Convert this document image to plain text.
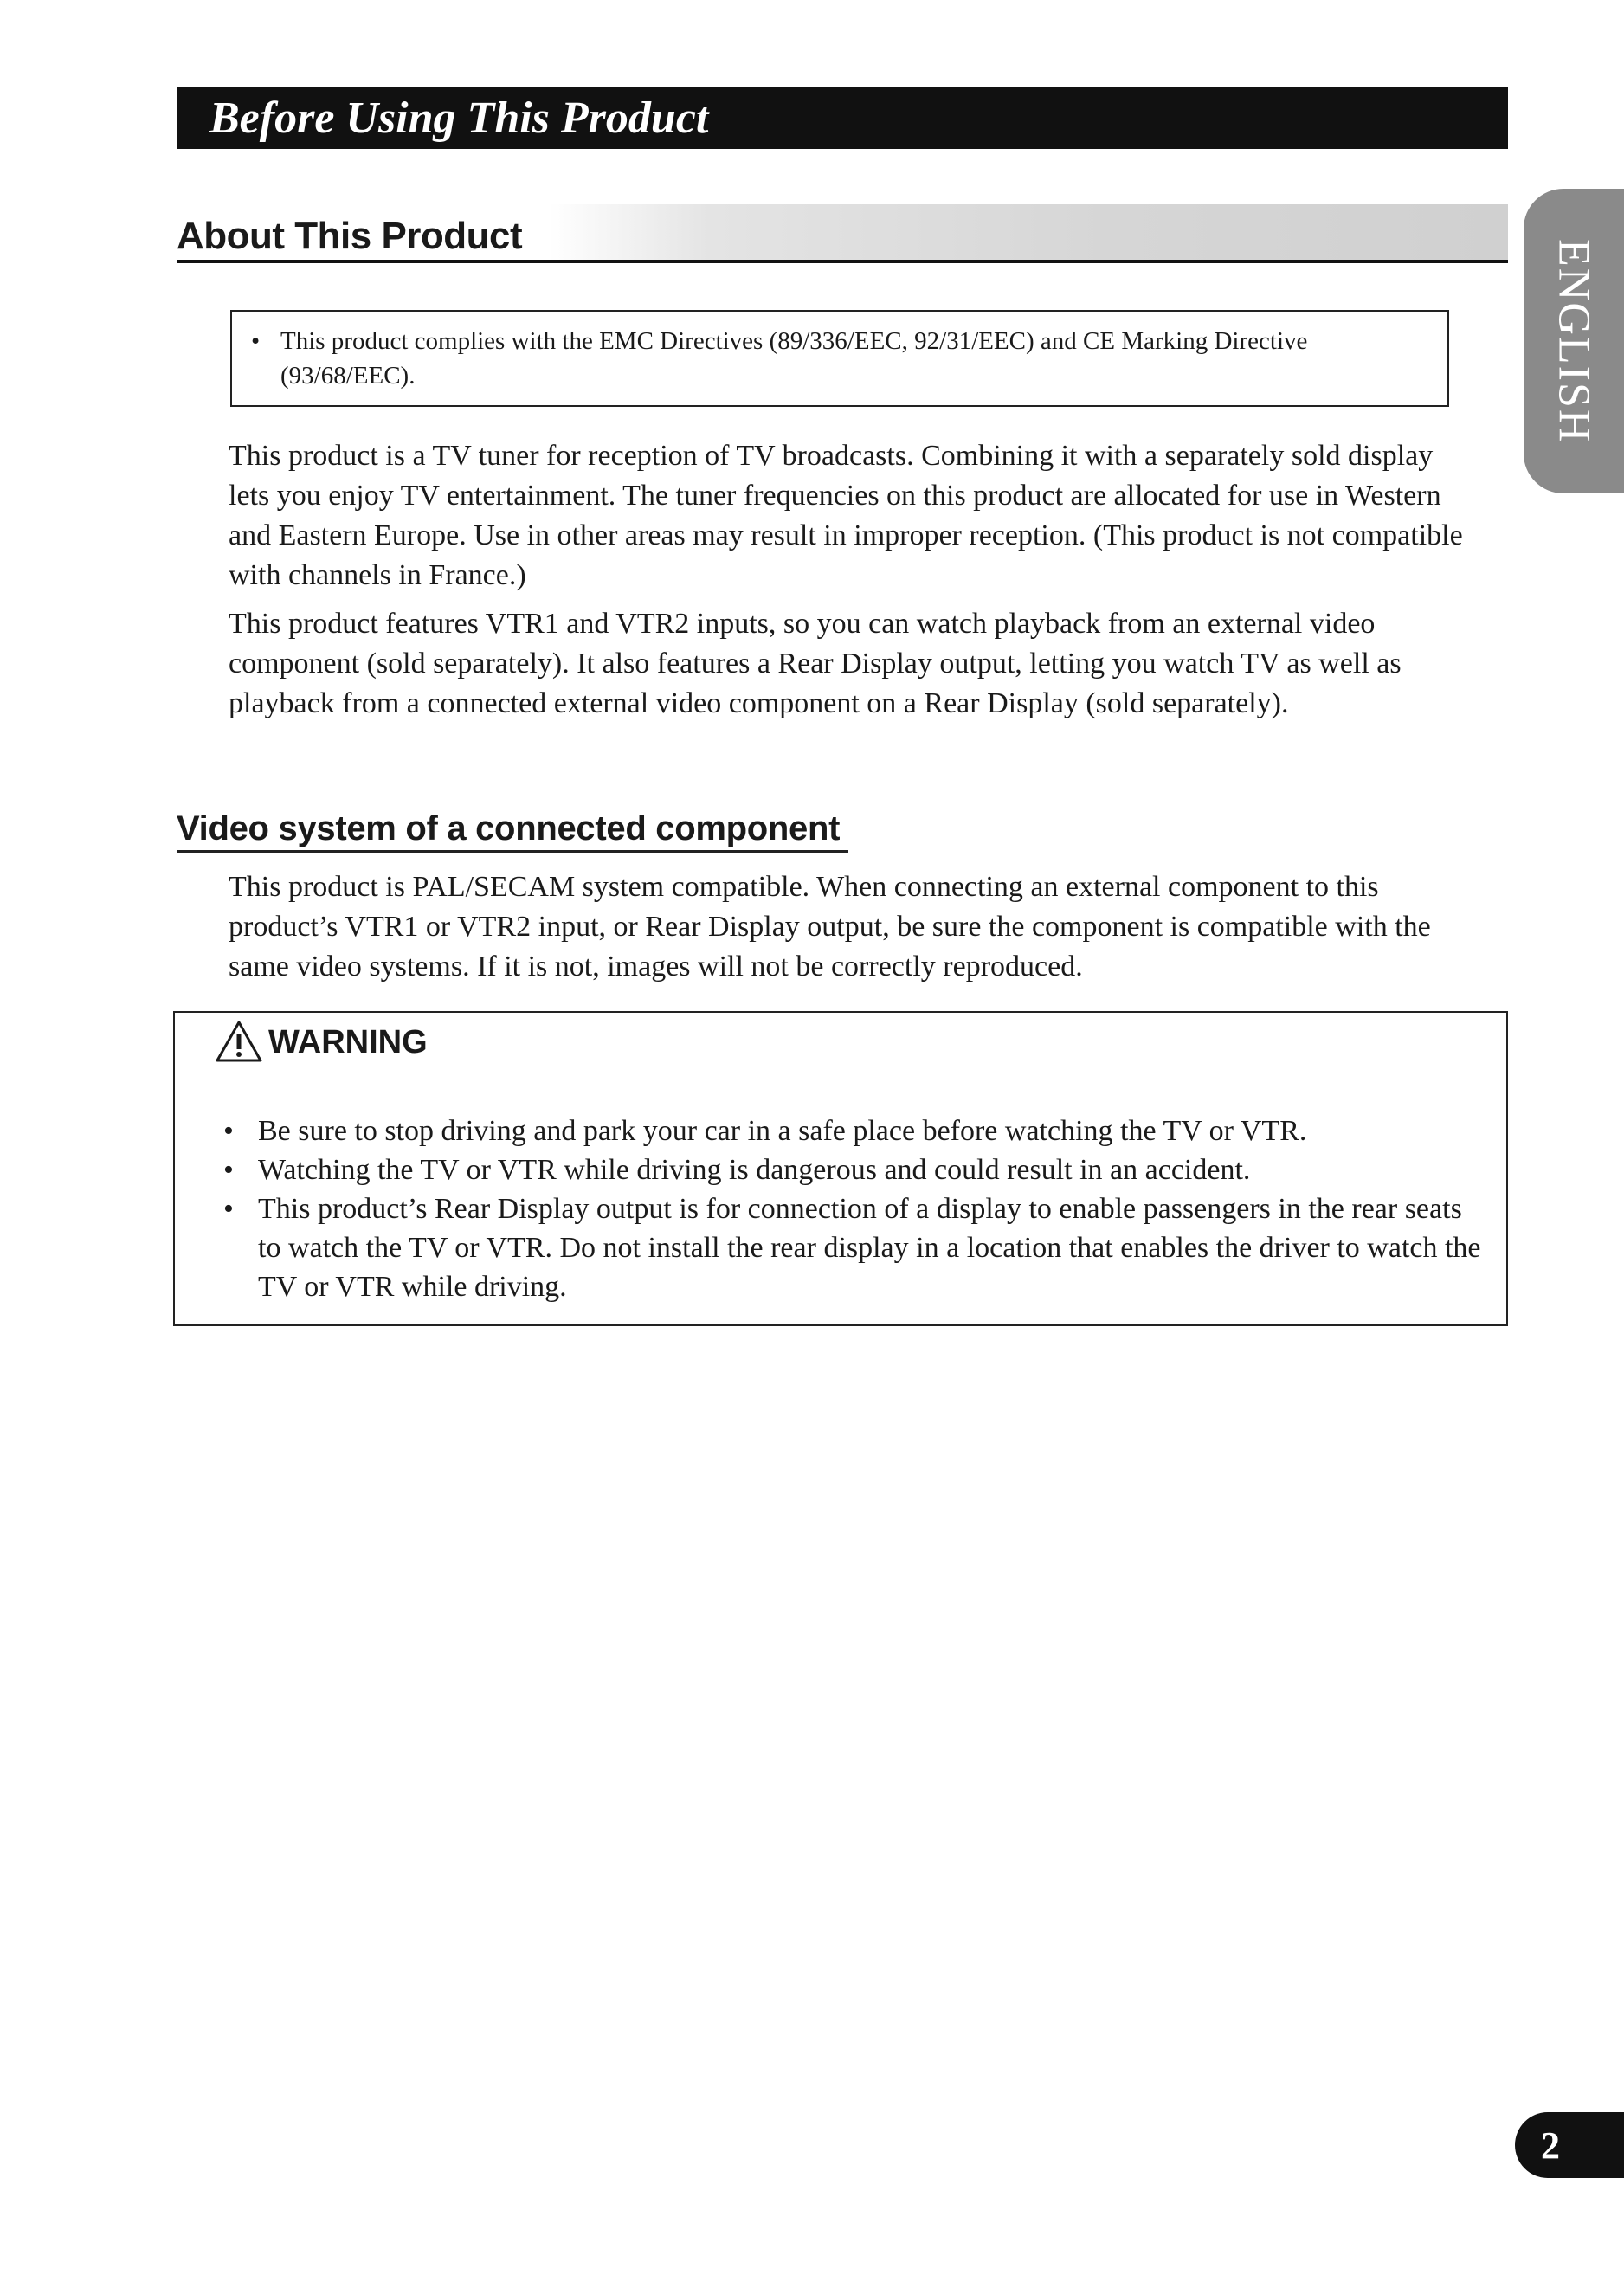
Before Using This Product
About This Product
• This product complies with the EMC Directives (89/336/EEC, 92/31/EEC) and CE Marking Directive (93/68/EEC).

This product is a TV tuner for reception of TV broadcasts. Combining it with a separately sold display lets you enjoy TV entertainment. The tuner frequencies on this product are allocated for use in Western and Eastern Europe. Use in other areas may result in improper reception. (This product is not compatible with channels in France.)

This product features VTR1 and VTR2 inputs, so you can watch playback from an external video component (sold separately). It also features a Rear Display output, letting you watch TV as well as playback from a connected external video component on a Rear Display (sold separately).

Video system of a connected component

This product is PAL/SECAM system compatible. When connecting an external component to this product’s VTR1 or VTR2 input, or Rear Display output, be sure the component is compatible with the same video systems. If it is not, images will not be correctly reproduced.

WARNING
• Be sure to stop driving and park your car in a safe place before watching the TV or VTR.
• Watching the TV or VTR while driving is dangerous and could result in an accident.
• This product’s Rear Display output is for connection of a display to enable passengers in the rear seats to watch the TV or VTR. Do not install the rear display in a location that enables the driver to watch the TV or VTR while driving.
ENGLISH
2
